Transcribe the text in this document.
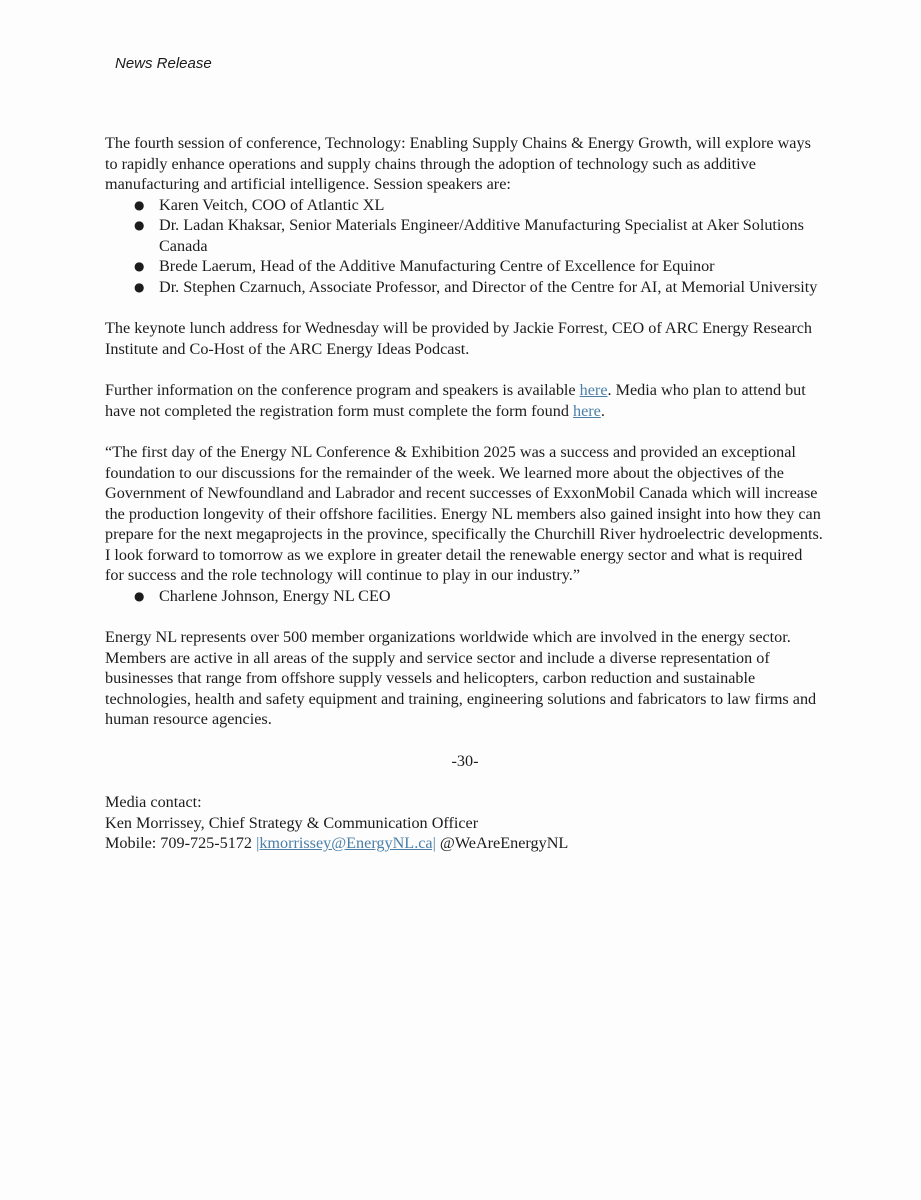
News Release

The fourth session of conference, Technology: Enabling Supply Chains & Energy Growth, will explore ways to rapidly enhance operations and supply chains through the adoption of technology such as additive manufacturing and artificial intelligence. Session speakers are:

● Karen Veitch, COO of Atlantic XL
● Dr. Ladan Khaksar, Senior Materials Engineer/Additive Manufacturing Specialist at Aker Solutions Canada
● Brede Laerum, Head of the Additive Manufacturing Centre of Excellence for Equinor
● Dr. Stephen Czarnuch, Associate Professor, and Director of the Centre for AI, at Memorial University

The keynote lunch address for Wednesday will be provided by Jackie Forrest, CEO of ARC Energy Research Institute and Co-Host of the ARC Energy Ideas Podcast.

Further information on the conference program and speakers is available here. Media who plan to attend but have not completed the registration form must complete the form found here.

“The first day of the Energy NL Conference & Exhibition 2025 was a success and provided an exceptional foundation to our discussions for the remainder of the week. We learned more about the objectives of the Government of Newfoundland and Labrador and recent successes of ExxonMobil Canada which will increase the production longevity of their offshore facilities. Energy NL members also gained insight into how they can prepare for the next megaprojects in the province, specifically the Churchill River hydroelectric developments. I look forward to tomorrow as we explore in greater detail the renewable energy sector and what is required for success and the role technology will continue to play in our industry.”

● Charlene Johnson, Energy NL CEO

Energy NL represents over 500 member organizations worldwide which are involved in the energy sector. Members are active in all areas of the supply and service sector and include a diverse representation of businesses that range from offshore supply vessels and helicopters, carbon reduction and sustainable technologies, health and safety equipment and training, engineering solutions and fabricators to law firms and human resource agencies.

-30-

Media contact:

Ken Morrissey, Chief Strategy & Communication Officer

Mobile: 709-725-5172 |kmorrissey@EnergyNL.ca| @WeAreEnergyNL
